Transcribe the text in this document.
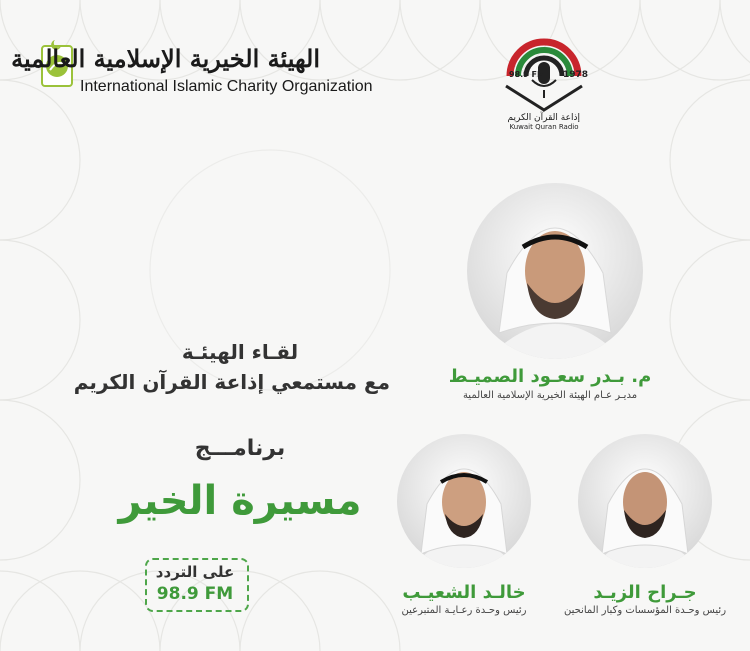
الهيئة الخيرية الإسلامية العالمية
International Islamic Charity Organization
98.9 FM 1978
إذاعة القرآن الكريم
Kuwait Quran Radio
لقـاء الهيئـة
مع مستمعي إذاعة القرآن الكريم
برنامـــج
مسيرة الخير
على التردد
98.9 FM
م. بـدر سعـود الصميـط
مديـر عـام الهيئة الخيرية الإسلامية العالمية
جـراح الزيـد
رئيس وحـدة المؤسسات وكبار المانحين
خالـد الشعيـب
رئيس وحـدة رعـايـة المتبرعين
